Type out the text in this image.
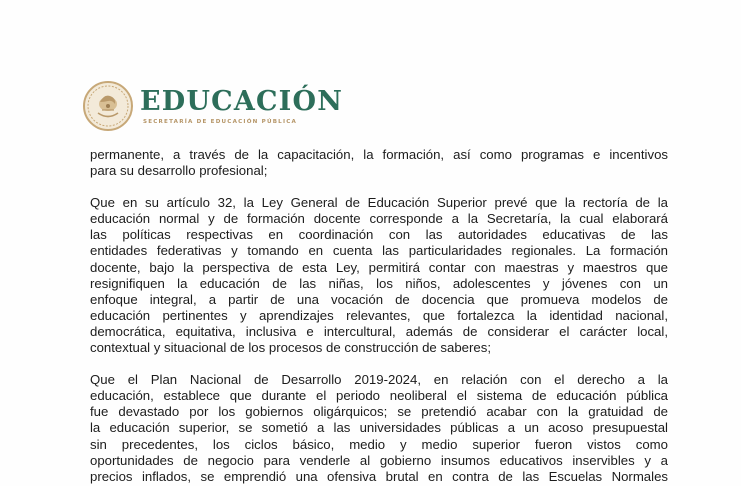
EDUCACIÓN
SECRETARÍA DE EDUCACIÓN PÚBLICA
permanente, a través de la capacitación, la formación, así como programas e incentivos
para su desarrollo profesional;
Que en su artículo 32, la Ley General de Educación Superior prevé que la rectoría de la
educación normal y de formación docente corresponde a la Secretaría, la cual elaborará
las políticas respectivas en coordinación con las autoridades educativas de las
entidades federativas y tomando en cuenta las particularidades regionales. La formación
docente, bajo la perspectiva de esta Ley, permitirá contar con maestras y maestros que
resignifiquen la educación de las niñas, los niños, adolescentes y jóvenes con un
enfoque integral, a partir de una vocación de docencia que promueva modelos de
educación pertinentes y aprendizajes relevantes, que fortalezca la identidad nacional,
democrática, equitativa, inclusiva e intercultural, además de considerar el carácter local,
contextual y situacional de los procesos de construcción de saberes;
Que el Plan Nacional de Desarrollo 2019-2024, en relación con el derecho a la
educación, establece que durante el periodo neoliberal el sistema de educación pública
fue devastado por los gobiernos oligárquicos; se pretendió acabar con la gratuidad de
la educación superior, se sometió a las universidades públicas a un acoso presupuestal
sin precedentes, los ciclos básico, medio y medio superior fueron vistos como
oportunidades de negocio para venderle al gobierno insumos educativos inservibles y a
precios inflados, se emprendió una ofensiva brutal en contra de las Escuelas Normales
